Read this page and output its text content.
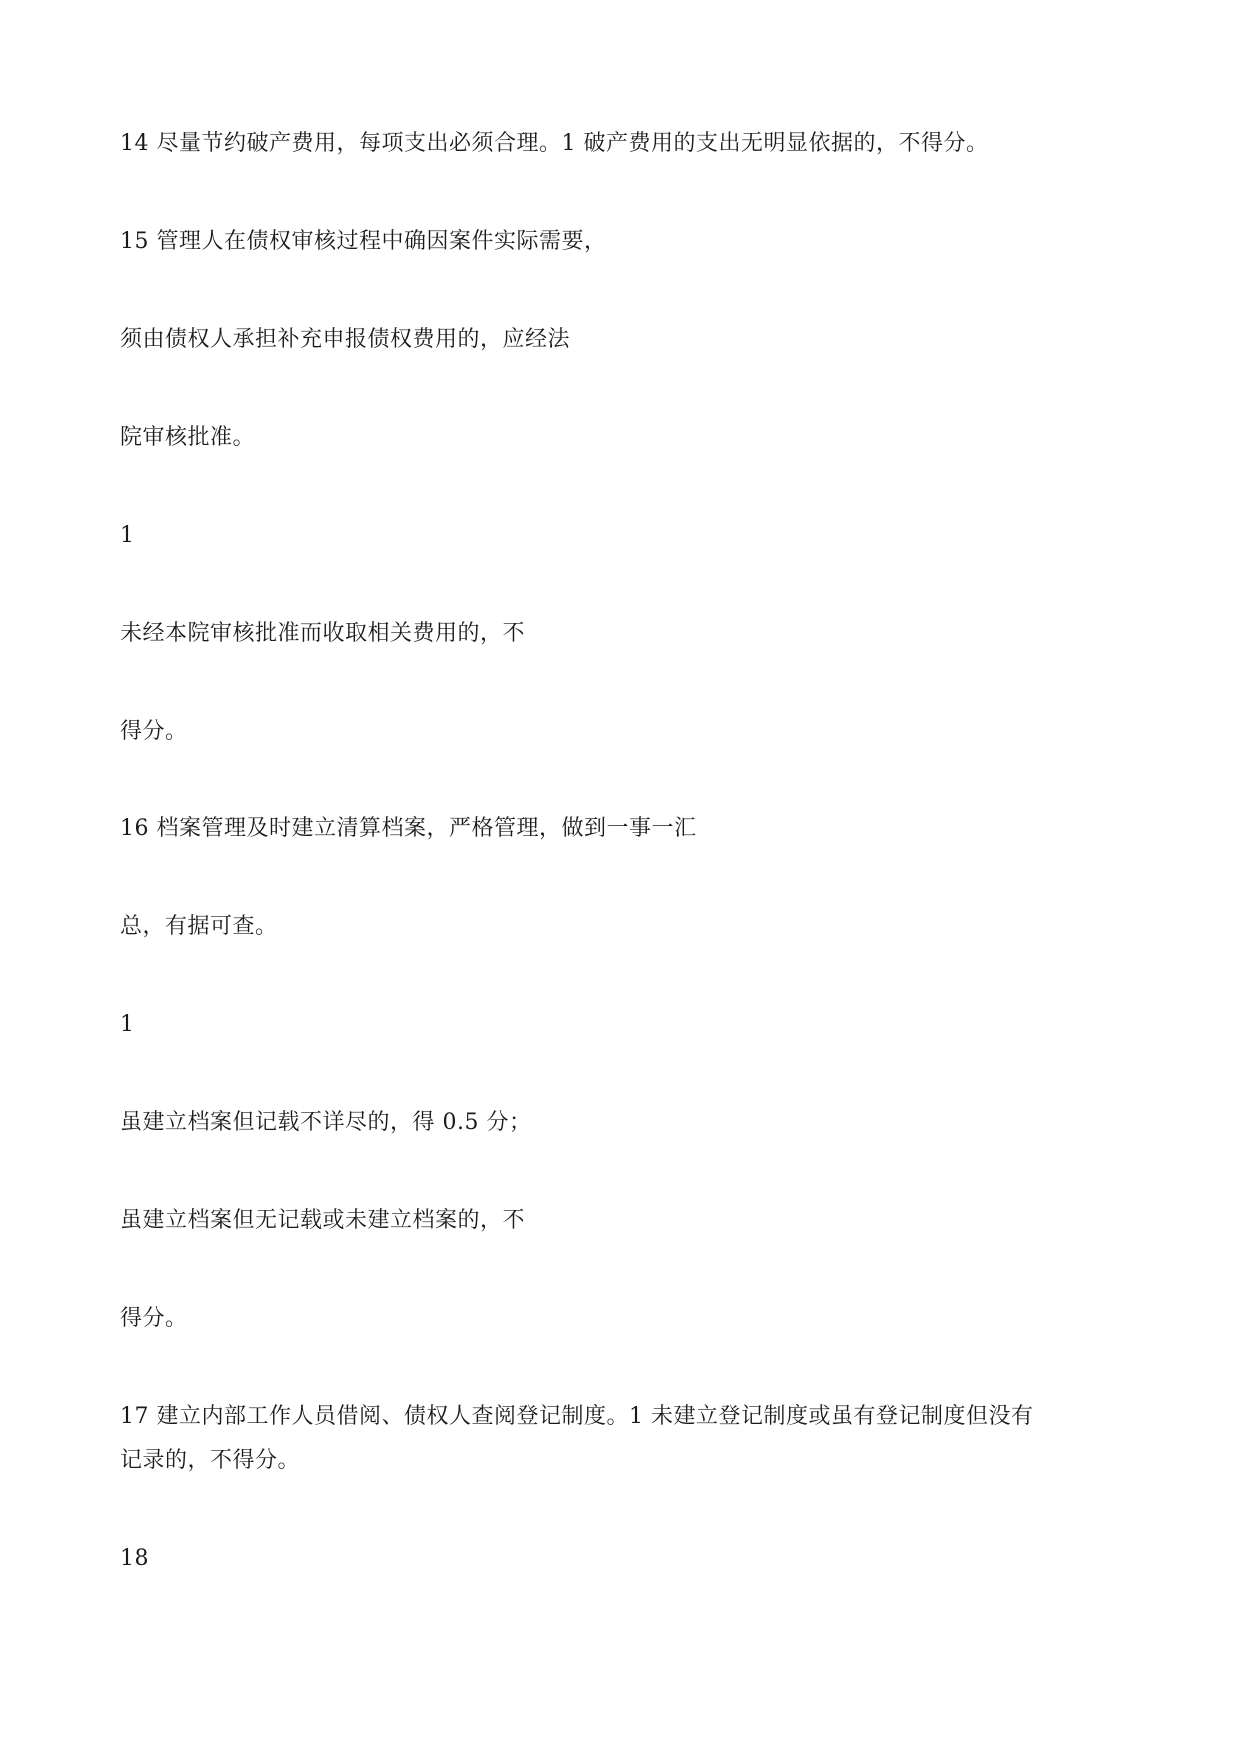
14 尽量节约破产费用，每项支出必须合理。1 破产费用的支出无明显依据的，不得分。

15 管理人在债权审核过程中确因案件实际需要，

须由债权人承担补充申报债权费用的，应经法

院审核批准。

1

未经本院审核批准而收取相关费用的，不

得分。

16 档案管理及时建立清算档案，严格管理，做到一事一汇

总，有据可查。

1

虽建立档案但记载不详尽的，得 0.5 分；

虽建立档案但无记载或未建立档案的，不

得分。

17 建立内部工作人员借阅、债权人查阅登记制度。1 未建立登记制度或虽有登记制度但没有

记录的，不得分。

18
